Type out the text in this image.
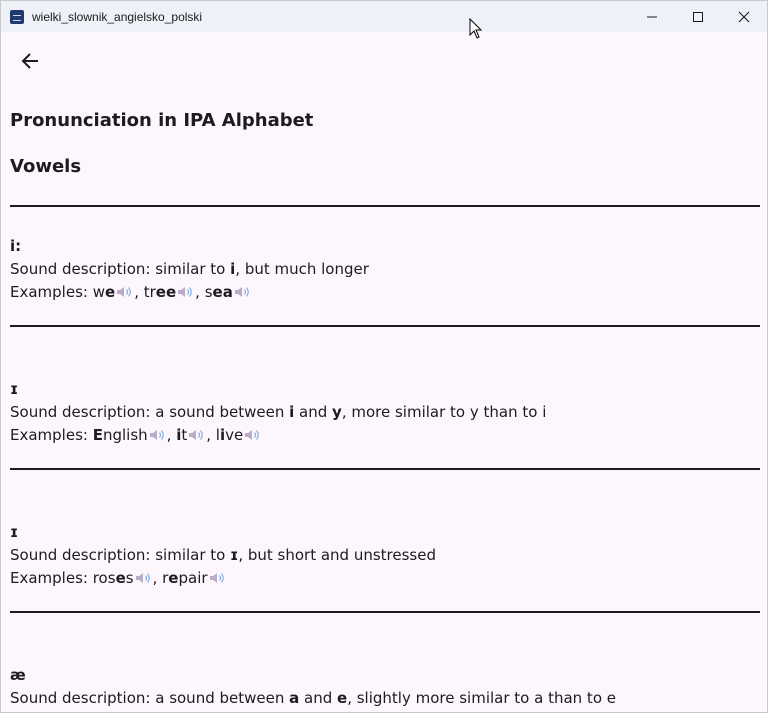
wielki_slownik_angielsko_polski
Pronunciation in IPA Alphabet
Vowels
i:
Sound description: similar to i, but much longer
Examples: we , tree , sea
ɪ
Sound description: a sound between i and y, more similar to y than to i
Examples: English , it , live
ɪ
Sound description: similar to ɪ, but short and unstressed
Examples: roses , repair
æ
Sound description: a sound between a and e, slightly more similar to a than to e
